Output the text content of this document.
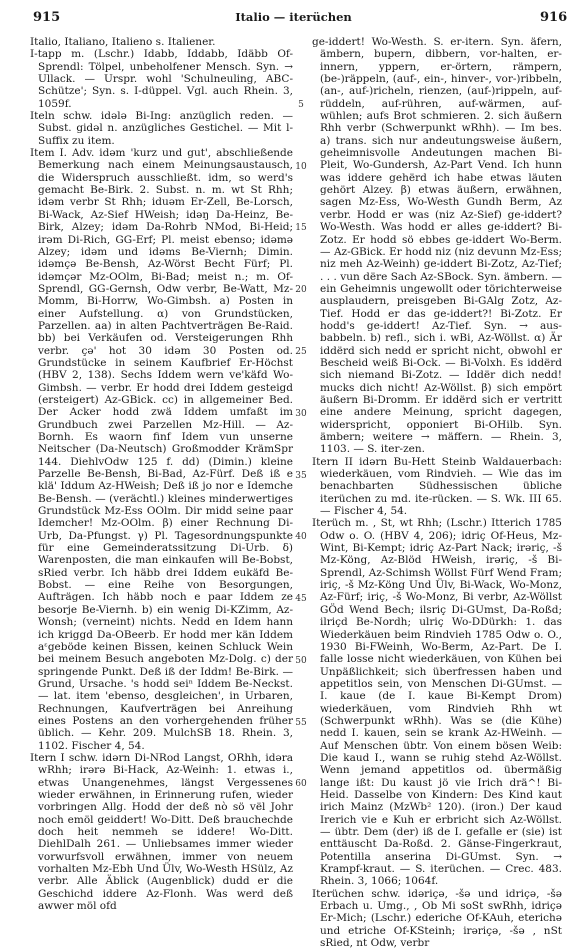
915	Italio — iterüchen	916

Italio, Italiano, Italieno s. Italiener.

I-tapp m. (Lschr.) Idabb, Iddabb, Idäbb Of-Sprendl: Tölpel, unbeholfener Mensch. Syn. → Ullack. — Urspr. wohl 'Schulneuling, ABC-Schütze'; Syn. s. I-düppel. Vgl. auch Rhein. 3, 1059f.

Iteln schw. idələ Bi-Ing: anzüglich reden. — Subst. gidəl n. anzügliches Gestichel. — Mit l-Suffix zu item.

Item I. Adv. idəm 'kurz und gut', abschließende Bemerkung nach einem Meinungsaustausch, die Widerspruch ausschließt. idm, so werd's gemacht Be-Birk. 2. Subst. n. m. wt St Rhh; idəm verbr St Rhh; iduəm Er-Zell, Be-Lorsch, Bi-Wack, Az-Sief HWeish; idəŋ Da-Heinz, Be-Birk, Alzey; idəm Da-Rohrb NMod, Bi-Heid; irəm Di-Rich, GG-Erf; Pl. meist ebenso; idəmə Alzey; idəm und idəms Be-Viernh; Dimin. idəmçə Be-Bensh, Az-Wörst Becht Fürf; Pl. idəmçər Mz-OOlm, Bi-Bad; meist n.; m. Of-Sprendl, GG-Gernsh, Odw verbr, Be-Watt, Mz-Momm, Bi-Horrw, Wo-Gimbsh. a) Posten in einer Aufstellung. α) von Grundstücken, Parzellen. aa) in alten Pachtverträgen Be-Raid. bb) bei Verkäufen od. Versteigerungen Rhh verbr. çə' hot 30 idəm 30 Posten od. Grundstücke in seinem Kaufbrief Er-Höchst (HBV 2, 138). Sechs Iddem wern ve'käfd Wo-Gimbsh. — verbr. Er hodd drei Iddem gesteigd (ersteigert) Az-GBick. cc) in allgemeiner Bed. Der Acker hodd zwä Iddem umfaßt im Grundbuch zwei Parzellen Mz-Hill. — Az-Bornh. Es waorn finf Idem vun unserne Neitscher (Da-Neutsch) Großmodder KrämSpr 144. DiehlvOdw 125 f. dd) (Dimin.) kleine Parzelle Be-Bensh, Bi-Bad, Az-Fürf. Deß iß e klä' Iddum Az-HWeish; Deß iß jo nor e Idemche Be-Bensh. — (verächtl.) kleines minderwertiges Grundstück Mz-Ess OOlm. Dir midd seine paar Idemcher! Mz-OOlm. β) einer Rechnung Di-Urb, Da-Pfungst. γ) Pl. Tagesordnungspunkte für eine Gemeinderatssitzung Di-Urb. δ) Warenposten, die man einkaufen will Be-Bobst, sRied verbr. Ich häbb drei Iddem eukäfd Be-Bobst. — eine Reihe von Besorgungen, Aufträgen. Ich häbb noch e paar Iddem ze besorje Be-Viernh. b) ein wenig Di-KZimm, Az-Wonsh; (verneint) nichts. Nedd en Idem hann ich kriggd Da-OBeerb. Er hodd mer kän Iddem aᵋgeböde keinen Bissen, keinen Schluck Wein bei meinem Besuch angeboten Mz-Dolg. c) der springende Punkt. Deß iß der Iddm! Be-Birk. — Grund, Ursache. 's hodd seiⁿ Iddem Be-Neckst. — lat. item 'ebenso, desgleichen', in Urbaren, Rechnungen, Kaufverträgen bei Anreihung eines Postens an den vorhergehenden früher üblich. — Kehr. 209. MulchSB 18. Rhein. 3, 1102. Fischer 4, 54.

Itern I schw. idərn Di-NRod Langst, ORhh, idəra wRhh; irərə Bi-Hack, Az-Weinh: 1. etwas i., etwas Unangenehmes, längst Vergessenes wieder erwähnen, in Erinnerung rufen, wieder vorbringen Allg. Hodd der deß nò sö vël Johr noch emöl geiddert! Wo-Ditt. Deß brauchechde doch heit nemmeh se iddere! Wo-Ditt. DiehlDalh 261. — Unliebsames immer wieder vorwurfsvoll erwähnen, immer von neuem vorhalten Mz-Ebh Und Ülv, Wo-Westh HSülz, Az verbr. Alle Äblick (Augenblick) dudd er die Geschichd iddere Az-Flonh. Was werd deß awwer möl ofd

ge-iddert! Wo-Westh. S. er-itern. Syn. äfern, ämbern, bupern, dibbern, vor-halten, er-innern, yppern, er-örtern, rämpern, (be-)räppeln, (auf-, ein-, hinver-, vor-)ribbeln, (an-, auf-)richeln, rienzen, (auf-)rippeln, auf-rüddeln, auf-rühren, auf-wärmen, auf-wühlen; aufs Brot schmieren. 2. sich äußern Rhh verbr (Schwerpunkt wRhh). — Im bes. a) trans. sich nur andeutungsweise äußern, geheimnisvolle Andeutungen machen Bi-Pleit, Wo-Gundersh, Az-Part Vend. Ich hunn was iddere gehërd ich habe etwas läuten gehört Alzey. β) etwas äußern, erwähnen, sagen Mz-Ess, Wo-Westh Gundh Berm, Az verbr. Hodd er was (niz Az-Sief) ge-iddert? Wo-Westh. Was hodd er alles ge-iddert? Bi-Zotz. Er hodd sö ebbes ge-iddert Wo-Berm. — Az-GBick. Er hodd niz (niz devunn Mz-Ess; niz meh Az-Weinh) ge-iddert Bi-Zotz, Az-Tief; . . . vun dëre Sach Az-SBock. Syn. ämbern. — ein Geheimnis ungewollt oder törichterweise ausplaudern, preisgeben Bi-GAlg Zotz, Az-Tief. Hodd er das ge-iddert?! Bi-Zotz. Er hodd's ge-iddert! Az-Tief. Syn. → aus-babbeln. b) refl., sich i. wBi, Az-Wöllst. α) Är iddërd sich nedd er spricht nicht, obwohl er Bescheid weiß Bi-Ock. — Bi-Volxh. Es iddërd sich niemand Bi-Zotz. — Iddër dich nedd! mucks dich nicht! Az-Wöllst. β) sich empört äußern Bi-Dromm. Er iddërd sich er vertritt eine andere Meinung, spricht dagegen, widerspricht, opponiert Bi-OHilb. Syn. ämbern; weitere → mäffern. — Rhein. 3, 1103. — S. iter-zen.

Itern II idərn Bu-Hett Steinb Waldauerbach: wiederkäuen, vom Rindvieh. — Wie das im benachbarten Südhessischen übliche iterüchen zu md. ite-rücken. — S. Wk. III 65. — Fischer 4, 54.

Iterüch m. , St, wt Rhh; (Lschr.) Itterich 1785 Odw o. O. (HBV 4, 206); idriç Of-Heus, Mz-Wint, Bi-Kempt; idriç Az-Part Nack; irəriç, -š Mz-Köng, Az-Blöd HWeish, irəriç, -š Bi-Sprendl, Az-Schimsh Wöllst Fürf Wend Fram; iriç, -š Mz-Köng Und Ülv, Bi-Wack, Wo-Monz, Az-Fürf; iriç, -š Wo-Monz, Bi verbr, Az-Wöllst GÖd Wend Bech; ilsriç Di-GUmst, Da-Roßd; ilriçd Be-Nordh; ulriç Wo-DDürkh: 1. das Wiederkäuen beim Rindvieh 1785 Odw o. O., 1930 Bi-FWeinh, Wo-Berm, Az-Part. De I. falle losse nicht wiederkäuen, von Kühen bei Unpäßlichkeit; sich überfressen haben und appetitlos sein, von Menschen Di-GUmst. — I. kaue (de I. kaue Bi-Kempt Drom) wiederkäuen, vom Rindvieh Rhh wt (Schwerpunkt wRhh). Was se (die Kühe) nedd I. kauen, sein se krank Az-HWeinh. — Auf Menschen übtr. Von einem bösen Weib: Die kaud I., wann se ruhig stehd Az-Wöllst. Wenn jemand appetitlos od. übermäßig lange ißt: Du kaust jö vie Irich drä^! Bi-Heid. Dasselbe von Kindern: Des Kind kaut irich Mainz (MzWb² 120). (iron.) Der kaud Irerich vie e Kuh er erbricht sich Az-Wöllst. — übtr. Dem (der) iß de I. gefalle er (sie) ist enttäuscht Da-Roßd. 2. Gänse-Fingerkraut, Potentilla anserina Di-GUmst. Syn. → Krampf-kraut. — S. iterüchen. — Crec. 483. Rhein. 3, 1066; 1064f.

Iterüchen schw. idəriçə, -šə und idriçə, -šə Erbach u. Umg., , Ob Mi soSt swRhh, idriçə Er-Mich; (Lschr.) ederiche Of-KAuh, eterichə und etriche Of-KSteinh; irəriçə, -šə , nSt sRied, nt Odw, verbr

5
10
15
20
25
30
35
40
45
50
55
60
